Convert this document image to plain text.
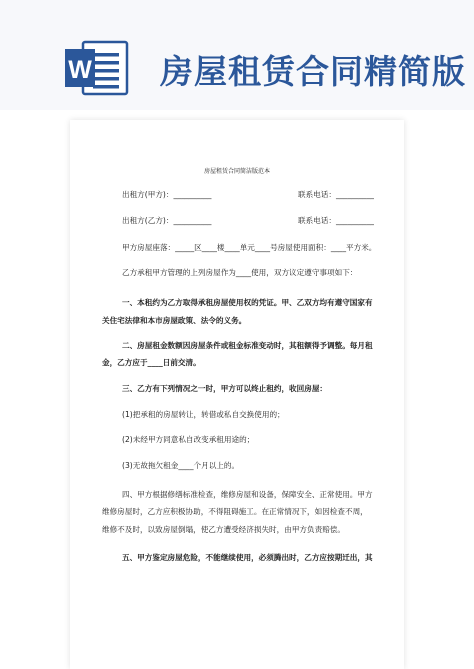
W 房屋租赁合同精简版
房屋租赁合同简洁版范本
出租方(甲方)：__________	联系电话：__________
出租方(乙方)：__________	联系电话：__________
甲方房屋座落：_____区____楼____单元____号房屋使用面积：____平方米。
乙方承租甲方管理的上列房屋作为____使用，双方议定遵守事项如下：
一、本租约为乙方取得承租房屋使用权的凭证。甲、乙双方均有遵守国家有
关住宅法律和本市房屋政策、法令的义务。
二、房屋租金数额因房屋条件或租金标准变动时，其租额得予调整。每月租
金，乙方应于____日前交清。
三、乙方有下列情况之一时，甲方可以终止租约，收回房屋：
(1)把承租的房屋转让，转借或私自交换使用的；
(2)未经甲方同意私自改变承租用途的；
(3)无故拖欠租金____个月以上的。
四、甲方根据修缮标准检查，维修房屋和设备，保障安全、正常使用。甲方
维修房屋时，乙方应积极协助，不得阻碍施工。在正常情况下，如因检查不周，
维修不及时，以致房屋倒塌，使乙方遭受经济损失时，由甲方负责赔偿。
五、甲方鉴定房屋危险，不能继续使用，必须腾出时，乙方应按期迁出，其
